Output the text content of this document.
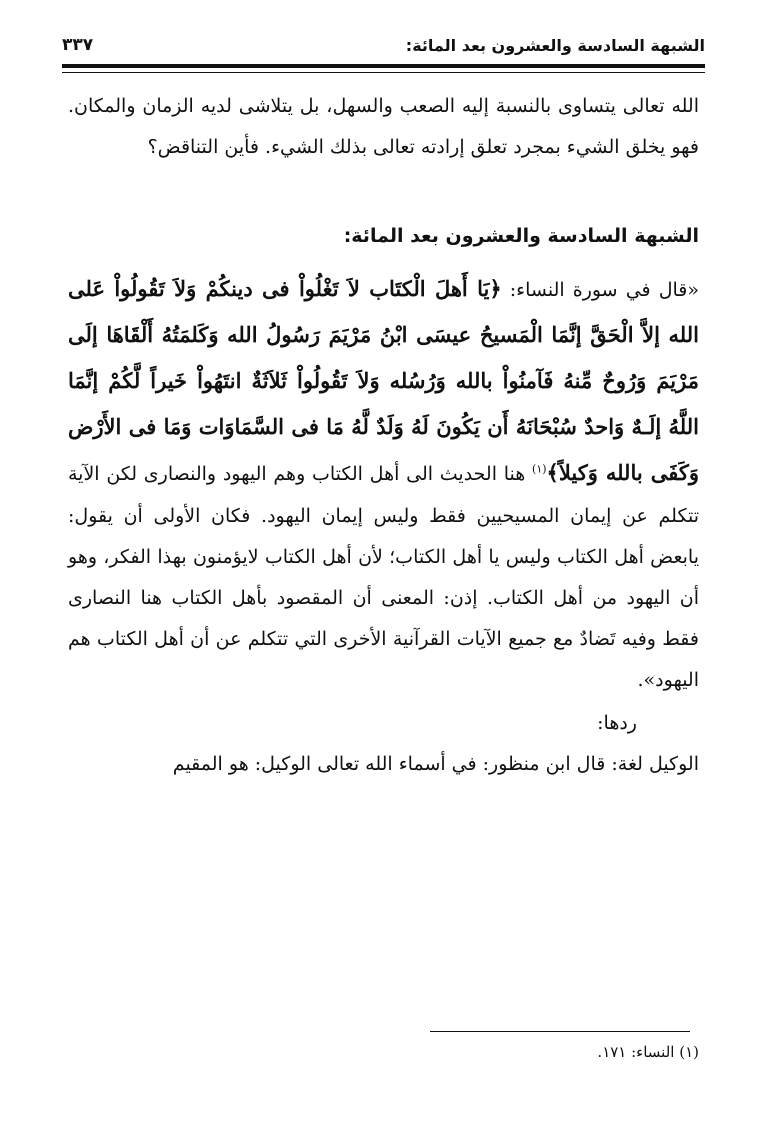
الشبهة السادسة والعشرون بعد المائة:
٣٣٧

الله تعالى يتساوى بالنسبة إليه الصعب والسهل، بل يتلاشى لديه الزمان والمكان. فهو يخلق الشيء بمجرد تعلق إرادته تعالى بذلك الشيء. فأين التناقض؟

الشبهة السادسة والعشرون بعد المائة:

«قال في سورة النساء: ﴿يَا أَهلَ الْكتَاب لاَ تَغْلُواْ فى دينكُمْ وَلاَ تَقُولُواْ عَلى الله إلاَّ الْحَقَّ إنَّمَا الْمَسيحُ عيسَى ابْنُ مَرْيَمَ رَسُولُ الله وَكَلمَتُهُ أَلْقَاهَا إلَى مَرْيَمَ وَرُوحٌ مِّنهُ فَآمنُواْ بالله وَرُسُله وَلاَ تَقُولُواْ ثَلاَثَةٌ انتَهُواْ خَيراً لَّكُمْ إنَّمَا اللَّهُ إلَـهٌ وَاحدٌ سُبْحَانَهُ أَن يَكُونَ لَهُ وَلَدٌ لَّهُ مَا فى السَّمَاوَات وَمَا فى الأَرْض وَكَفَى بالله وَكيلاً﴾$^{(١)}$ هنا الحديث الى أهل الكتاب وهم اليهود والنصارى لكن الآية تتكلم عن إيمان المسيحيين فقط وليس إيمان اليهود. فكان الأولى أن يقول: يابعض أهل الكتاب وليس يا أهل الكتاب؛ لأن أهل الكتاب لايؤمنون بهذا الفكر، وهو أن اليهود من أهل الكتاب. إذن: المعنى أن المقصود بأهل الكتاب هنا النصارى فقط وفيه تَضادٌ مع جميع الآيات القرآنية الأخرى التي تتكلم عن أن أهل الكتاب هم اليهود».

ردها:

الوكيل لغة: قال ابن منظور: في أسماء الله تعالى الوكيل: هو المقيم

(١) النساء: ١٧١.
